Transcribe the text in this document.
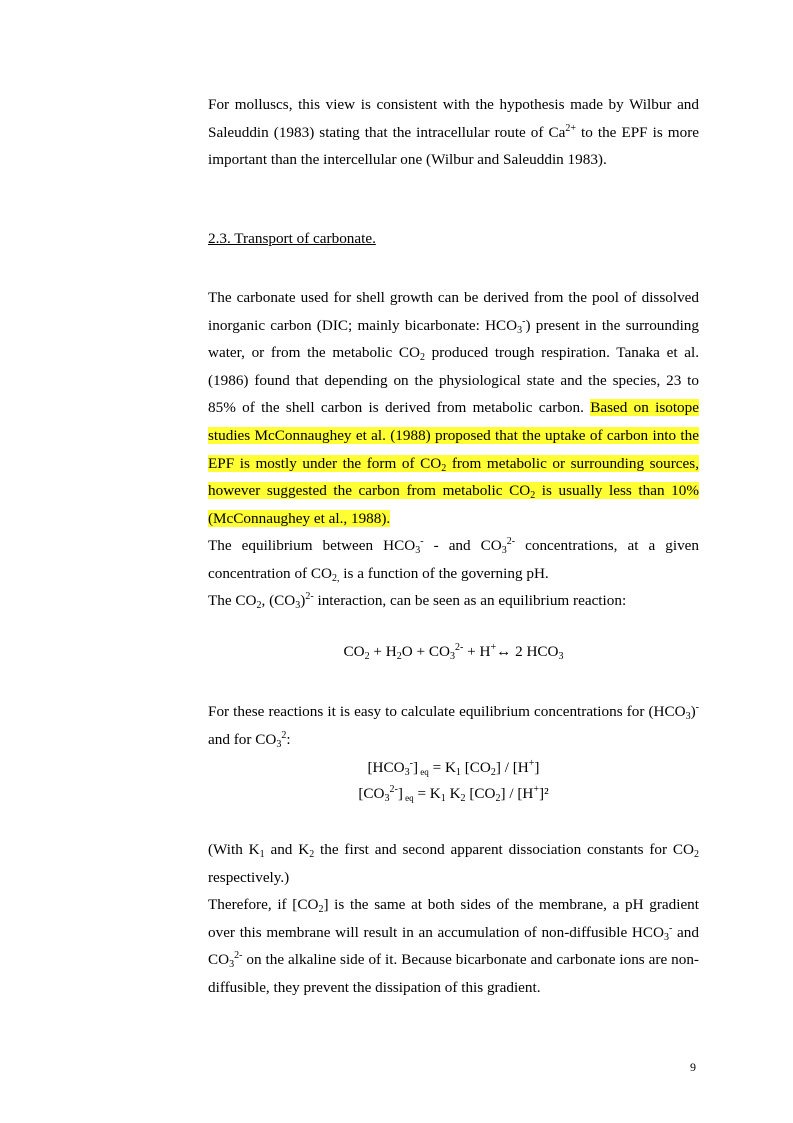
For molluscs, this view is consistent with the hypothesis made by Wilbur and Saleuddin (1983) stating that the intracellular route of $Ca^{2+}$ to the EPF is more important than the intercellular one (Wilbur and Saleuddin 1983).

2.3. Transport of carbonate.

The carbonate used for shell growth can be derived from the pool of dissolved inorganic carbon (DIC; mainly bicarbonate: $HCO_3^-$) present in the surrounding water, or from the metabolic $CO_2$ produced trough respiration. Tanaka et al. (1986) found that depending on the physiological state and the species, 23 to 85% of the shell carbon is derived from metabolic carbon. Based on isotope studies McConnaughey et al. (1988) proposed that the uptake of carbon into the EPF is mostly under the form of $CO_2$ from metabolic or surrounding sources, however suggested the carbon from metabolic $CO_2$ is usually less than 10% (McConnaughey et al., 1988).

The equilibrium between $HCO_3^-$ - and $CO_3^{2-}$ concentrations, at a given concentration of $CO_{2,}$ is a function of the governing pH.

The $CO_2$, $(CO_3)^{2-}$ interaction, can be seen as an equilibrium reaction:

$CO_2 + H_2O + CO_3^{2-}$ + H+↔ 2 $HCO_3$

For these reactions it is easy to calculate equilibrium concentrations for $(HCO_3)^-$ and for $CO_3^2$:

$[HCO_3^-]$ eq = $K_1$ $[CO_2] / [H^+]$

$[CO_3^{2-}]$ eq = $K_1$ $K_2$ $[CO_2] / [H^+]^2$

(With $K_1$ and $K_2$ the first and second apparent dissociation constants for $CO_2$ respectively.)

Therefore, if $[CO_2]$ is the same at both sides of the membrane, a pH gradient over this membrane will result in an accumulation of non-diffusible $HCO_3^-$ and $CO_3^{2-}$ on the alkaline side of it. Because bicarbonate and carbonate ions are non-diffusible, they prevent the dissipation of this gradient.

9
